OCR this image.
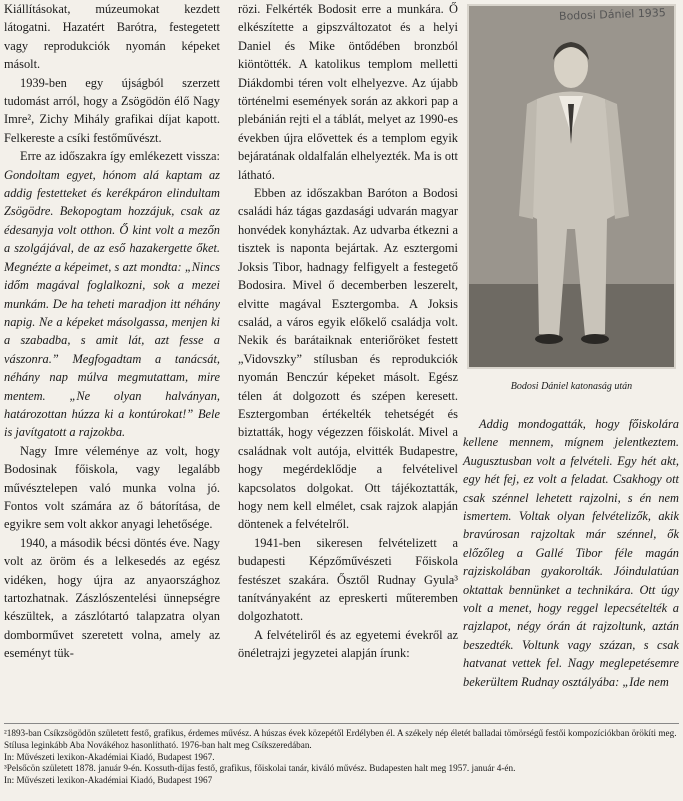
Kiállításokat, múzeumokat kezdett látogatni. Hazatért Barótra, festegetett vagy reprodukciók nyomán képeket másolt.

1939-ben egy újságból szerzett tudomást arról, hogy a Zsögödön élő Nagy Imre², Zichy Mihály grafikai díjat kapott. Felkereste a csíki festőművészt.

Erre az időszakra így emlékezett vissza: Gondoltam egyet, hónom alá kaptam az addig festetteket és kerékpáron elindultam Zsögödre. Bekopogtam hozzájuk, csak az édesanyja volt otthon. Ő kint volt a mezőn a szolgájával, de az eső hazakergette őket. Megnézte a képeimet, s azt mondta: „Nincs időm magával foglalkozni, sok a mezei munkám. De ha teheti maradjon itt néhány napig. Ne a képeket másolgassa, menjen ki a szabadba, s amit lát, azt fesse a vászonra.” Megfogadtam a tanácsát, néhány nap múlva megmutattam, mire mentem. „Ne olyan halványan, határozottan húzza ki a kontúrokat!” Bele is javítgatott a rajzokba.

Nagy Imre véleménye az volt, hogy Bodosinak főiskola, vagy legalább művésztelepen való munka volna jó. Fontos volt számára az ő bátorítása, de egyikre sem volt akkor anyagi lehetősége.

1940, a második bécsi döntés éve. Nagy volt az öröm és a lelkesedés az egész vidéken, hogy újra az anyaországhoz tartozhatnak. Zászlószentelési ünnepségre készültek, a zászlótartó talapzatra olyan domborművet szeretett volna, amely az eseményt tük-

rözi. Felkérték Bodosit erre a munkára. Ő elkészítette a gipszváltozatot és a helyi Daniel és Mike öntődében bronzból kiöntötték. A katolikus templom melletti Diákdombi téren volt elhelyezve. Az újabb történelmi események során az akkori pap a plebánián rejti el a táblát, melyet az 1990-es években újra elővettek és a templom egyik bejáratának oldalfalán elhelyezték. Ma is ott látható.

Ebben az időszakban Baróton a Bodosi családi ház tágas gazdasági udvarán magyar honvédek konyháztak. Az udvarba étkezni a tisztek is naponta bejártak. Az esztergomi Joksis Tibor, hadnagy felfigyelt a festegető Bodosira. Mivel ő decemberben leszerelt, elvitte magával Esztergomba. A Joksis család, a város egyik előkelő családja volt. Nekik és barátaiknak enteriőröket festett „Vidovszky” stílusban és reprodukciók nyomán Benczúr képeket másolt. Egész télen át dolgozott és szépen keresett. Esztergomban értékelték tehetségét és biztatták, hogy végezzen főiskolát. Mivel a családnak volt autója, elvitték Budapestre, hogy megérdeklődje a felvételivel kapcsolatos dolgokat. Ott tájékoztatták, hogy nem kell elmélet, csak rajzok alapján döntenek a felvételről.

1941-ben sikeresen felvételizett a budapesti Képzőművészeti Főiskola festészet szakára. Ősztől Rudnay Gyula³ tanítványaként az epreskerti műteremben dolgozhatott.

A felvételiről és az egyetemi évekről az önéletrajzi jegyzetei alapján írunk:

Bodosi Dániel 1935
Bodosi Dániel katonaság után

Addig mondogatták, hogy főiskolára kellene mennem, mígnem jelentkeztem. Augusztusban volt a felvételi. Egy hét akt, egy hét fej, ez volt a feladat. Csakhogy ott csak szénnel lehetett rajzolni, s én nem ismertem. Voltak olyan felvételizők, akik bravúrosan rajzoltak már szénnel, ők előzőleg a Gallé Tibor féle magán rajziskolában gyakorolták. Jóindulatúan oktattak bennünket a technikára. Ott úgy volt a menet, hogy reggel lepecsételték a rajzlapot, négy órán át rajzoltunk, aztán beszedték. Voltunk vagy százan, s csak hatvanat vettek fel. Nagy meglepetésemre bekerültem Rudnay osztályába: „Ide nem

²1893-ban Csíkzsögödön született festő, grafikus, érdemes művész. A húszas évek közepétől Erdélyben él. A székely nép életét balladai tömörségű festői kompozíciókban örökíti meg. Stílusa leginkább Aba Novákéhoz hasonlítható. 1976-ban halt meg Csíkszeredában.

In: Művészeti lexikon-Akadémiai Kiadó, Budapest 1967.

³Pelsőcön született 1878. január 9-én. Kossuth-díjas festő, grafikus, főiskolai tanár, kiváló művész. Budapesten halt meg 1957. január 4-én.

In: Művészeti lexikon-Akadémiai Kiadó, Budapest 1967
